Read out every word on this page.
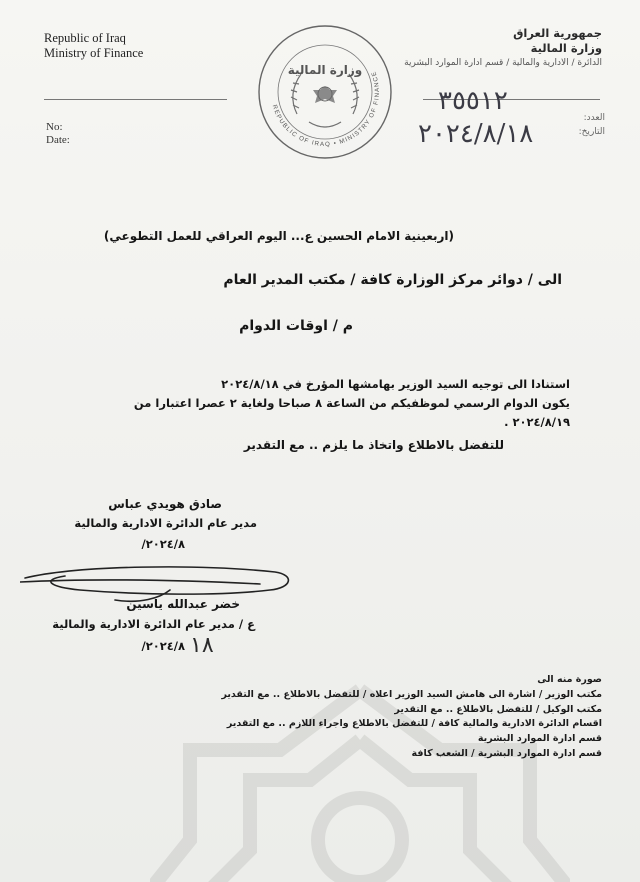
Republic of Iraq
Ministry of Finance
جمهورية العراق
وزارة المالية
الدائرة / الادارية والمالية / قسم ادارة الموارد البشرية
REPUBLIC OF IRAQ • MINISTRY OF FINANCE
وزارة المالية
No:
Date:
العدد:
التاريخ:
٣٥٥١٢
٢٠٢٤/٨/١٨
(اربعينية الامام الحسين ع... اليوم العراقي للعمل التطوعي)
الى / دوائر مركز الوزارة كافة / مكتب المدير العام
م / اوقات الدوام
استنادا الى توجيه السيد الوزير بهامشها المؤرخ في ٢٠٢٤/٨/١٨
يكون الدوام الرسمي لموظفيكم من الساعة ٨ صباحا ولغاية ٢ عصرا اعتبارا من
٢٠٢٤/٨/١٩ .
للتفضل بالاطلاع واتخاذ ما يلزم .. مع التقدير
صادق هويدي عباس
مدير عام الدائرة الادارية والمالية
٢٠٢٤/٨/
خضر عبدالله ياسين
ع / مدير عام الدائرة الادارية والمالية
٢٠٢٤/٨/ ١٨
صورة منه الى
مكتب الوزير / اشارة الى هامش السيد الوزير اعلاه / للتفضل بالاطلاع .. مع التقدير
مكتب الوكيل / للتفضل بالاطلاع .. مع التقدير
اقسام الدائرة الادارية والمالية كافة / للتفضل بالاطلاع واجراء اللازم .. مع التقدير
قسم ادارة الموارد البشرية
قسم ادارة الموارد البشرية / الشعب كافة
